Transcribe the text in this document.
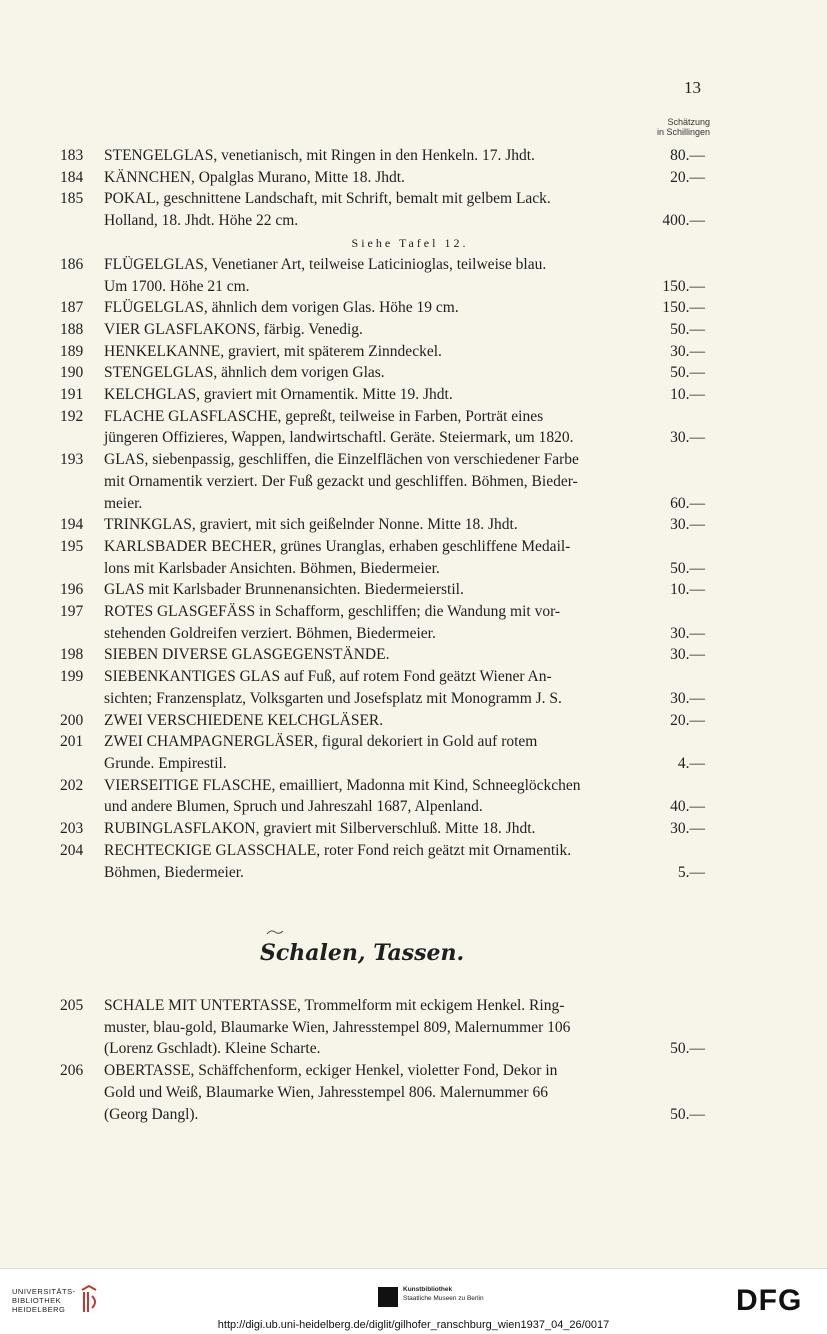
13
Schätzung
in Schillingen
183	STENGELGLAS, venetianisch, mit Ringen in den Henkeln. 17. Jhdt.	80.—
184	KÄNNCHEN, Opalglas Murano, Mitte 18. Jhdt.	20.—
185	POKAL, geschnittene Landschaft, mit Schrift, bemalt mit gelbem Lack.
Holland, 18. Jhdt. Höhe 22 cm.	400.—
Siehe Tafel 12.
186	FLÜGELGLAS, Venetianer Art, teilweise Laticinioglas, teilweise blau.
Um 1700. Höhe 21 cm.	150.—
187	FLÜGELGLAS, ähnlich dem vorigen Glas. Höhe 19 cm.	150.—
188	VIER GLASFLAKONS, färbig. Venedig.	50.—
189	HENKELKANNE, graviert, mit späterem Zinndeckel.	30.—
190	STENGELGLAS, ähnlich dem vorigen Glas.	50.—
191	KELCHGLAS, graviert mit Ornamentik. Mitte 19. Jhdt.	10.—
192	FLACHE GLASFLASCHE, gepreßt, teilweise in Farben, Porträt eines
jüngeren Offizieres, Wappen, landwirtschaftl. Geräte. Steiermark, um 1820.	30.—
193	GLAS, siebenpassig, geschliffen, die Einzelflächen von verschiedener Farbe
mit Ornamentik verziert. Der Fuß gezackt und geschliffen. Böhmen, Bieder-
meier.	60.—
194	TRINKGLAS, graviert, mit sich geißelnder Nonne. Mitte 18. Jhdt.	30.—
195	KARLSBADER BECHER, grünes Uranglas, erhaben geschliffene Medail-
lons mit Karlsbader Ansichten. Böhmen, Biedermeier.	50.—
196	GLAS mit Karlsbader Brunnenansichten. Biedermeierstil.	10.—
197	ROTES GLASGEFÄSS in Schafform, geschliffen; die Wandung mit vor-
stehenden Goldreifen verziert. Böhmen, Biedermeier.	30.—
198	SIEBEN DIVERSE GLASGEGENSTÄNDE.	30.—
199	SIEBENKANTIGES GLAS auf Fuß, auf rotem Fond geätzt Wiener An-
sichten; Franzensplatz, Volksgarten und Josefsplatz mit Monogramm J. S.	30.—
200	ZWEI VERSCHIEDENE KELCHGLÄSER.	20.—
201	ZWEI CHAMPAGNERGLÄSER, figural dekoriert in Gold auf rotem
Grunde. Empirestil.	4.—
202	VIERSEITIGE FLASCHE, emailliert, Madonna mit Kind, Schneeglöckchen
und andere Blumen, Spruch und Jahreszahl 1687, Alpenland.	40.—
203	RUBINGLASFLAKON, graviert mit Silberverschluß. Mitte 18. Jhdt.	30.—
204	RECHTECKIGE GLASSCHALE, roter Fond reich geätzt mit Ornamentik.
Böhmen, Biedermeier.	5.—
Schalen, Tassen.
205	SCHALE MIT UNTERTASSE, Trommelform mit eckigem Henkel. Ring-
muster, blau-gold, Blaumarke Wien, Jahresstempel 809, Malernummer 106
(Lorenz Gschladt). Kleine Scharte.	50.—
206	OBERTASSE, Schäffchenform, eckiger Henkel, violetter Fond, Dekor in
Gold und Weiß, Blaumarke Wien, Jahresstempel 806. Malernummer 66
(Georg Dangl).	50.—
UNIVERSITÄTS-
BIBLIOTHEK
HEIDELBERG
Kunstbibliothek
Staatliche Museen zu Berlin	DFG
http://digi.ub.uni-heidelberg.de/diglit/gilhofer_ranschburg_wien1937_04_26/0017
